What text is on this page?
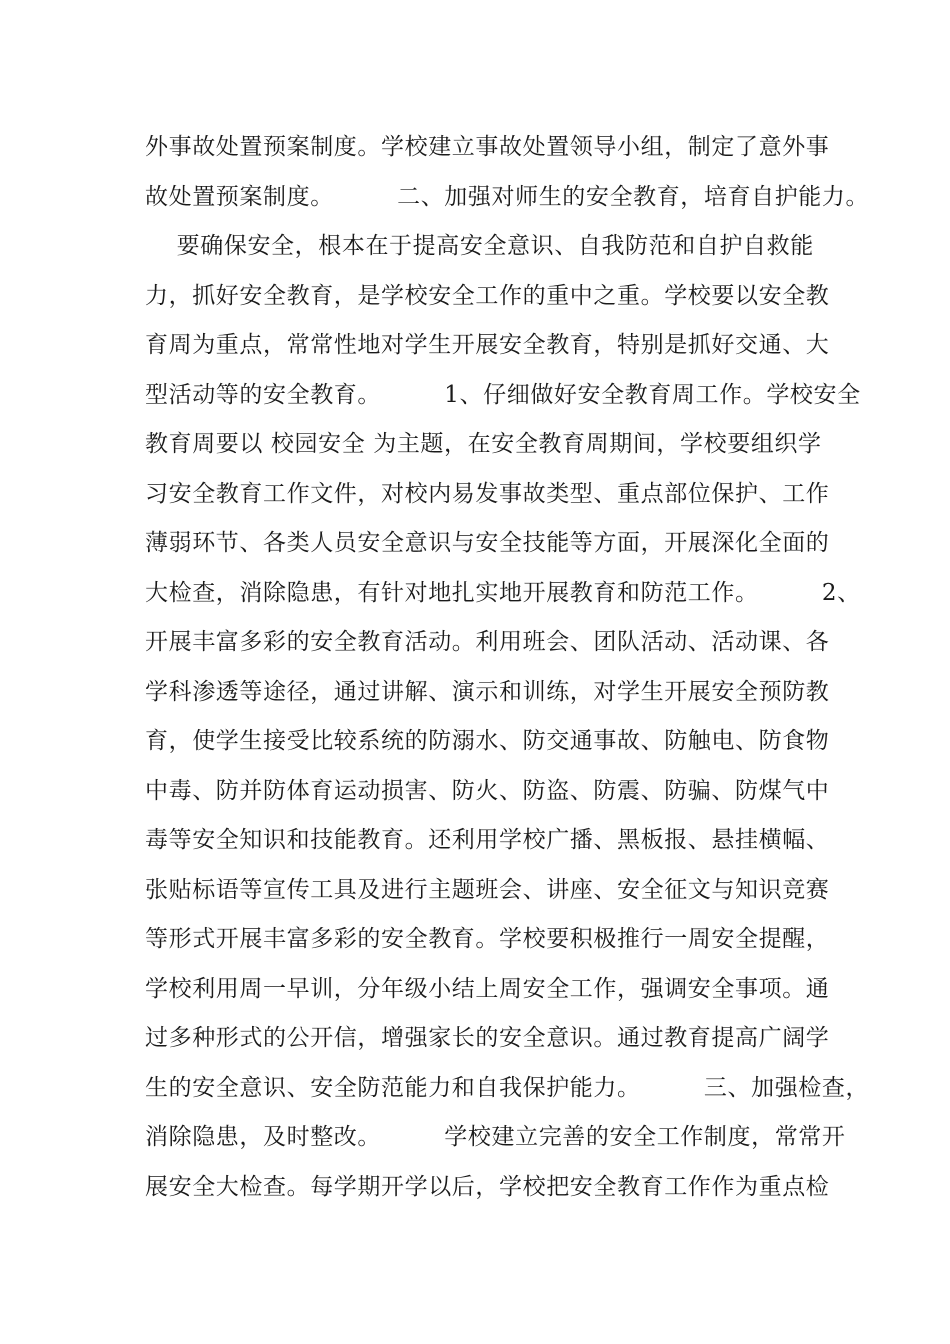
外事故处置预案制度。学校建立事故处置领导小组，制定了意外事
故处置预案制度。        二、加强对师生的安全教育，培育自护能力。
要确保安全，根本在于提高安全意识、自我防范和自护自救能
力，抓好安全教育，是学校安全工作的重中之重。学校要以安全教
育周为重点，常常性地对学生开展安全教育，特别是抓好交通、大
型活动等的安全教育。        1、仔细做好安全教育周工作。学校安全
教育周要以 校园安全 为主题，在安全教育周期间，学校要组织学
习安全教育工作文件，对校内易发事故类型、重点部位保护、工作
薄弱环节、各类人员安全意识与安全技能等方面，开展深化全面的
大检查，消除隐患，有针对地扎实地开展教育和防范工作。        2、
开展丰富多彩的安全教育活动。利用班会、团队活动、活动课、各
学科渗透等途径，通过讲解、演示和训练，对学生开展安全预防教
育，使学生接受比较系统的防溺水、防交通事故、防触电、防食物
中毒、防并防体育运动损害、防火、防盗、防震、防骗、防煤气中
毒等安全知识和技能教育。还利用学校广播、黑板报、悬挂横幅、
张贴标语等宣传工具及进行主题班会、讲座、安全征文与知识竞赛
等形式开展丰富多彩的安全教育。学校要积极推行一周安全提醒，
学校利用周一早训，分年级小结上周安全工作，强调安全事项。通
过多种形式的公开信，增强家长的安全意识。通过教育提高广阔学
生的安全意识、安全防范能力和自我保护能力。        三、加强检查，
消除隐患，及时整改。        学校建立完善的安全工作制度，常常开
展安全大检查。每学期开学以后，学校把安全教育工作作为重点检
